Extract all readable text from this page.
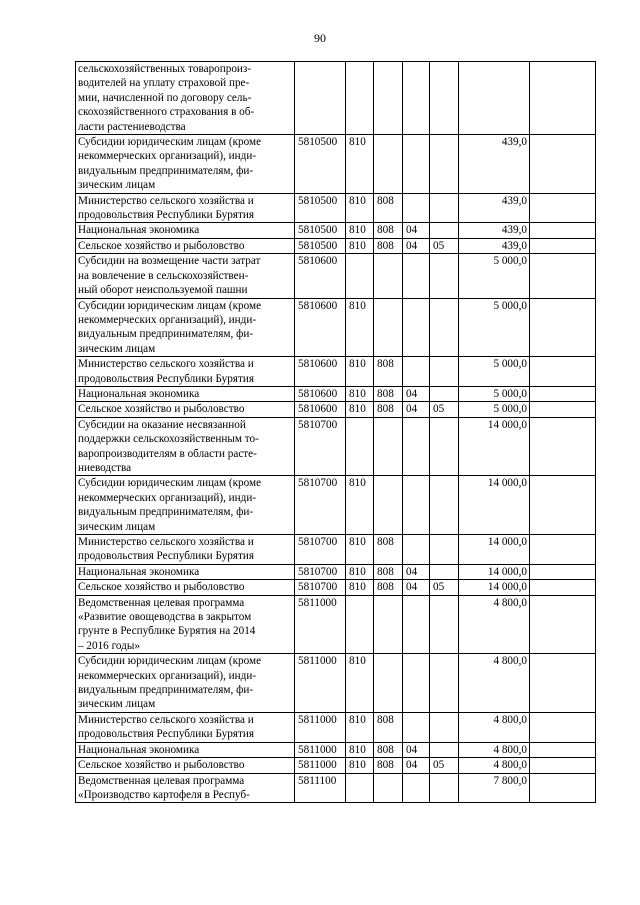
90
сельскохозяйственных товаропроиз-
водителей на уплату страховой пре-
мии, начисленной по договору сель-
скохозяйственного страхования в об-
ласти растениеводства							

Субсидии юридическим лицам (кроме
некоммерческих организаций), инди-
видуальным предпринимателям, фи-
зическим лицам	5810500	810				439,0	

Министерство сельского хозяйства и
продовольствия Республики Бурятия	5810500	810	808			439,0	

Национальная экономика	5810500	810	808	04		439,0	

Сельское хозяйство и рыболовство	5810500	810	808	04	05	439,0	

Субсидии на возмещение части затрат
на вовлечение в сельскохозяйствен-
ный оборот неиспользуемой пашни	5810600					5 000,0	

Субсидии юридическим лицам (кроме
некоммерческих организаций), инди-
видуальным предпринимателям, фи-
зическим лицам	5810600	810				5 000,0	

Министерство сельского хозяйства и
продовольствия Республики Бурятия	5810600	810	808			5 000,0	

Национальная экономика	5810600	810	808	04		5 000,0	

Сельское хозяйство и рыболовство	5810600	810	808	04	05	5 000,0	

Субсидии на оказание несвязанной
поддержки сельскохозяйственным то-
варопроизводителям в области расте-
ниеводства	5810700					14 000,0	

Субсидии юридическим лицам (кроме
некоммерческих организаций), инди-
видуальным предпринимателям, фи-
зическим лицам	5810700	810				14 000,0	

Министерство сельского хозяйства и
продовольствия Республики Бурятия	5810700	810	808			14 000,0	

Национальная экономика	5810700	810	808	04		14 000,0	

Сельское хозяйство и рыболовство	5810700	810	808	04	05	14 000,0	

Ведомственная целевая программа
«Развитие овощеводства в закрытом
грунте в Республике Бурятия на 2014
– 2016 годы»	5811000					4 800,0	

Субсидии юридическим лицам (кроме
некоммерческих организаций), инди-
видуальным предпринимателям, фи-
зическим лицам	5811000	810				4 800,0	

Министерство сельского хозяйства и
продовольствия Республики Бурятия	5811000	810	808			4 800,0	

Национальная экономика	5811000	810	808	04		4 800,0	

Сельское хозяйство и рыболовство	5811000	810	808	04	05	4 800,0	

Ведомственная целевая программа
«Производство картофеля в Респуб-	5811100					7 800,0	
